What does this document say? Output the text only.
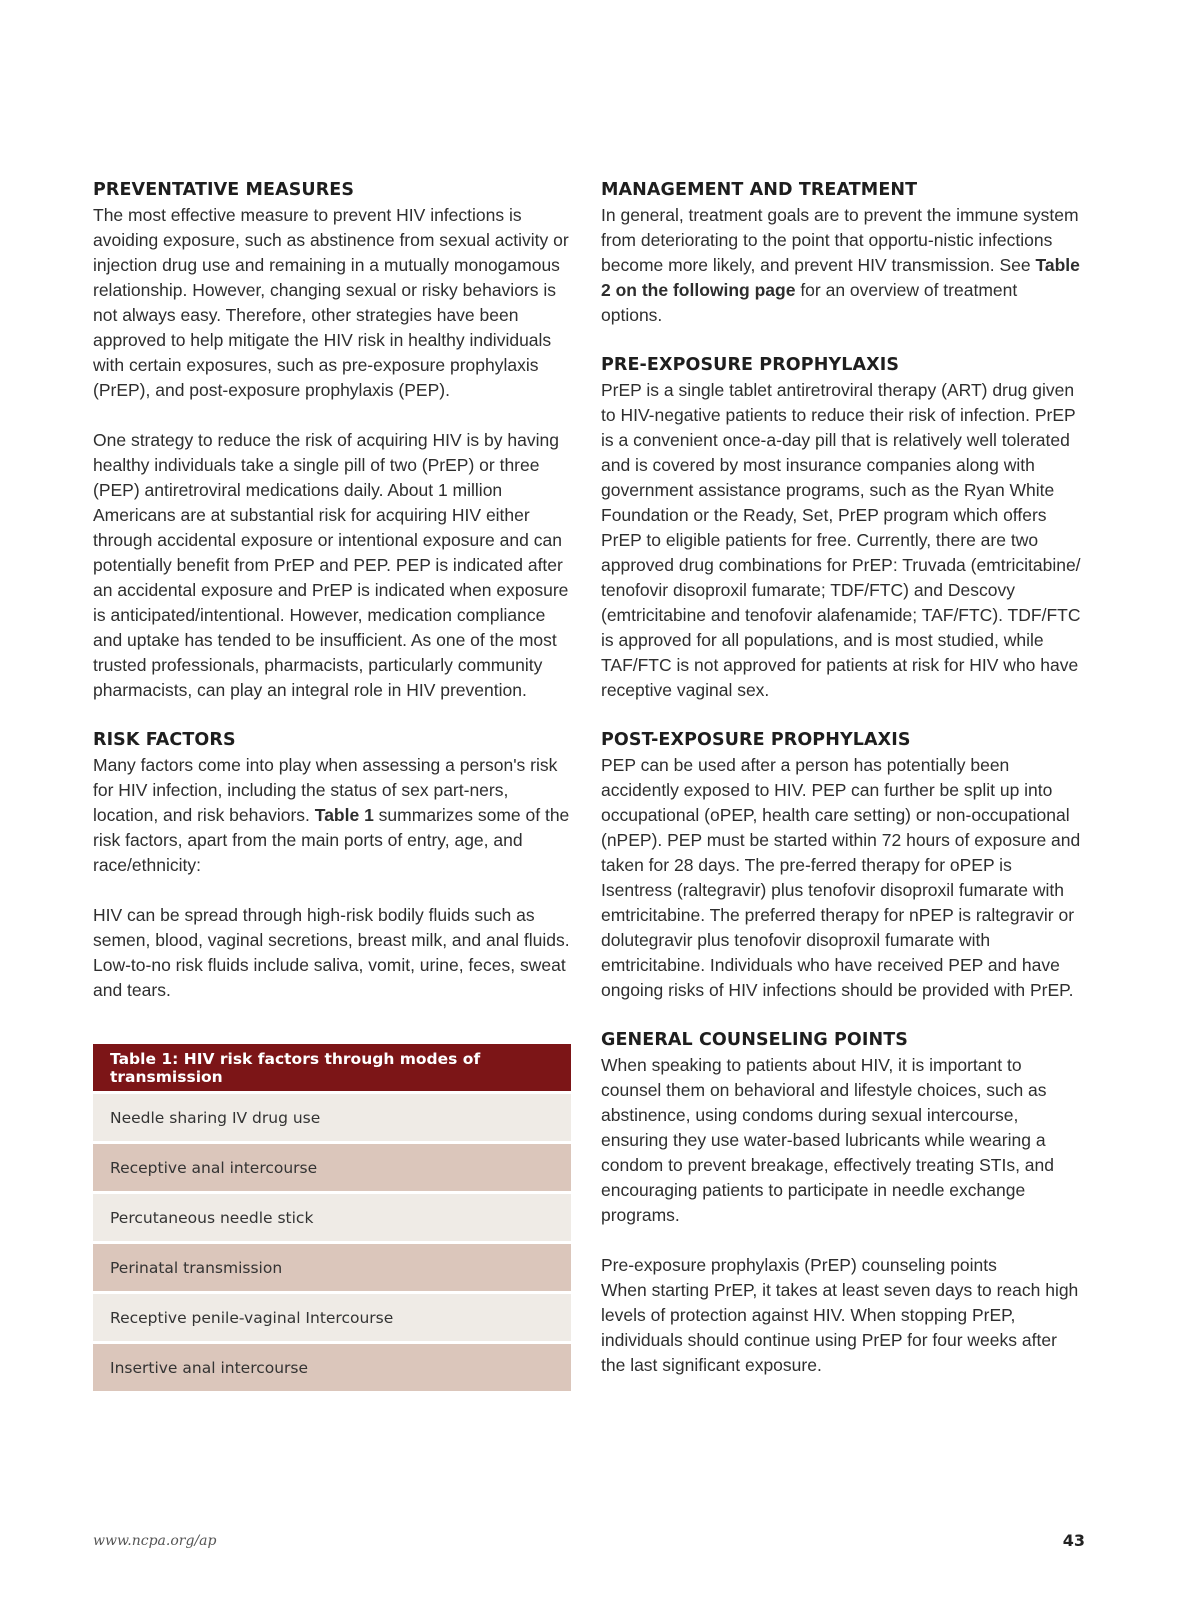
PREVENTATIVE MEASURES

The most effective measure to prevent HIV infections is avoiding exposure, such as abstinence from sexual activity or injection drug use and remaining in a mutually monogamous relationship. However, changing sexual or risky behaviors is not always easy. Therefore, other strategies have been approved to help mitigate the HIV risk in healthy individuals with certain exposures, such as pre-exposure prophylaxis (PrEP), and post-exposure prophylaxis (PEP).

One strategy to reduce the risk of acquiring HIV is by having healthy individuals take a single pill of two (PrEP) or three (PEP) antiretroviral medications daily. About 1 million Americans are at substantial risk for acquiring HIV either through accidental exposure or intentional exposure and can potentially benefit from PrEP and PEP. PEP is indicated after an accidental exposure and PrEP is indicated when exposure is anticipated/intentional. However, medication compliance and uptake has tended to be insufficient. As one of the most trusted professionals, pharmacists, particularly community pharmacists, can play an integral role in HIV prevention.

RISK FACTORS

Many factors come into play when assessing a person's risk for HIV infection, including the status of sex part-ners, location, and risk behaviors. Table 1 summarizes some of the risk factors, apart from the main ports of entry, age, and race/ethnicity:

HIV can be spread through high-risk bodily fluids such as semen, blood, vaginal secretions, breast milk, and anal fluids. Low-to-no risk fluids include saliva, vomit, urine, feces, sweat and tears.

Table 1: HIV risk factors through modes of transmission
Needle sharing IV drug use
Receptive anal intercourse
Percutaneous needle stick
Perinatal transmission
Receptive penile-vaginal Intercourse
Insertive anal intercourse
MANAGEMENT AND TREATMENT

In general, treatment goals are to prevent the immune system from deteriorating to the point that opportu-nistic infections become more likely, and prevent HIV transmission. See Table 2 on the following page for an overview of treatment options.

PRE-EXPOSURE PROPHYLAXIS

PrEP is a single tablet antiretroviral therapy (ART) drug given to HIV-negative patients to reduce their risk of infection. PrEP is a convenient once-a-day pill that is relatively well tolerated and is covered by most insurance companies along with government assistance programs, such as the Ryan White Foundation or the Ready, Set, PrEP program which offers PrEP to eligible patients for free. Currently, there are two approved drug combinations for PrEP: Truvada (emtricitabine/ tenofovir disoproxil fumarate; TDF/FTC) and Descovy (emtricitabine and tenofovir alafenamide; TAF/FTC). TDF/FTC is approved for all populations, and is most studied, while TAF/FTC is not approved for patients at risk for HIV who have receptive vaginal sex.

POST-EXPOSURE PROPHYLAXIS

PEP can be used after a person has potentially been accidently exposed to HIV. PEP can further be split up into occupational (oPEP, health care setting) or non-occupational (nPEP). PEP must be started within 72 hours of exposure and taken for 28 days. The pre-ferred therapy for oPEP is Isentress (raltegravir) plus tenofovir disoproxil fumarate with emtricitabine. The preferred therapy for nPEP is raltegravir or dolutegravir plus tenofovir disoproxil fumarate with emtricitabine. Individuals who have received PEP and have ongoing risks of HIV infections should be provided with PrEP.

GENERAL COUNSELING POINTS

When speaking to patients about HIV, it is important to counsel them on behavioral and lifestyle choices, such as abstinence, using condoms during sexual intercourse, ensuring they use water-based lubricants while wearing a condom to prevent breakage, effectively treating STIs, and encouraging patients to participate in needle exchange programs.

Pre-exposure prophylaxis (PrEP) counseling points
When starting PrEP, it takes at least seven days to reach high levels of protection against HIV. When stopping PrEP, individuals should continue using PrEP for four weeks after the last significant exposure.

www.ncpa.org/ap	43
